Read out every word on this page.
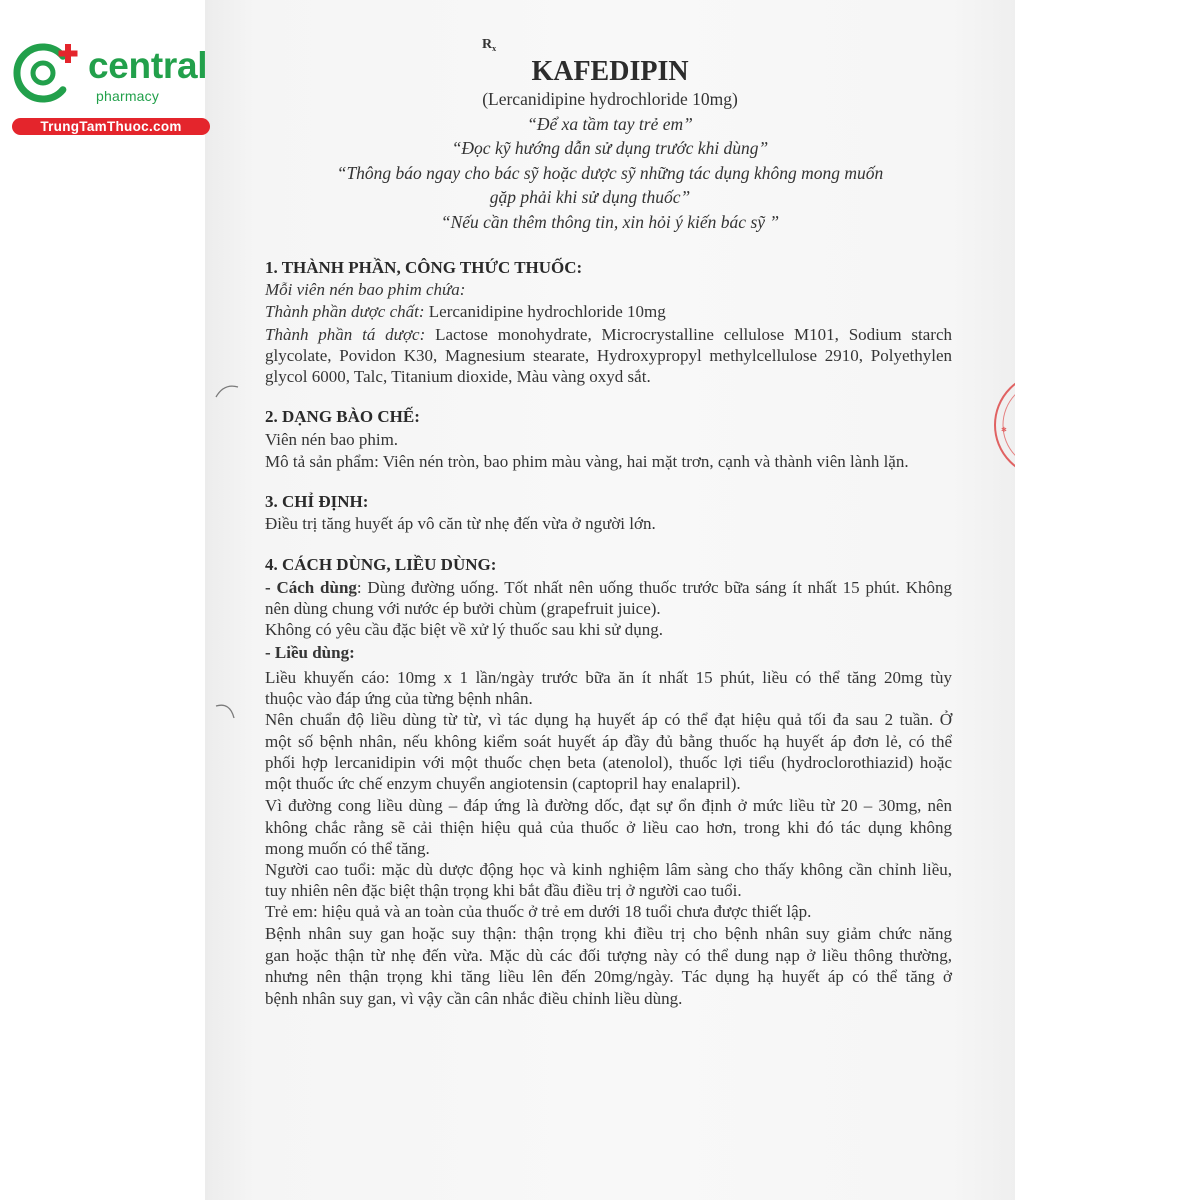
✱
central
pharmacy
TrungTamThuoc.com
$R_x$
KAFEDIPIN
(Lercanidipine hydrochloride 10mg)
“Để xa tầm tay trẻ em”
“Đọc kỹ hướng dẫn sử dụng trước khi dùng”
“Thông báo ngay cho bác sỹ hoặc dược sỹ những tác dụng không mong muốn
gặp phải khi sử dụng thuốc”
“Nếu cần thêm thông tin, xin hỏi ý kiến bác sỹ ”
1. THÀNH PHẦN, CÔNG THỨC THUỐC:
Mỗi viên nén bao phim chứa:
Thành phần dược chất: Lercanidipine hydrochloride 10mg
Thành phần tá dược: Lactose monohydrate, Microcrystalline cellulose M101, Sodium starch
glycolate, Povidon K30, Magnesium stearate, Hydroxypropyl methylcellulose 2910, Polyethylen
glycol 6000, Talc, Titanium dioxide, Màu vàng oxyd sắt.
2. DẠNG BÀO CHẾ:
Viên nén bao phim.
Mô tả sản phẩm: Viên nén tròn, bao phim màu vàng, hai mặt trơn, cạnh và thành viên lành lặn.
3. CHỈ ĐỊNH:
Điều trị tăng huyết áp vô căn từ nhẹ đến vừa ở người lớn.
4. CÁCH DÙNG, LIỀU DÙNG:
- Cách dùng: Dùng đường uống. Tốt nhất nên uống thuốc trước bữa sáng ít nhất 15 phút. Không
nên dùng chung với nước ép bưởi chùm (grapefruit juice).
Không có yêu cầu đặc biệt về xử lý thuốc sau khi sử dụng.
- Liều dùng:
Liều khuyến cáo: 10mg x 1 lần/ngày trước bữa ăn ít nhất 15 phút, liều có thể tăng 20mg tùy
thuộc vào đáp ứng của từng bệnh nhân.
Nên chuẩn độ liều dùng từ từ, vì tác dụng hạ huyết áp có thể đạt hiệu quả tối đa sau 2 tuần. Ở
một số bệnh nhân, nếu không kiểm soát huyết áp đầy đủ bằng thuốc hạ huyết áp đơn lẻ, có thể
phối hợp lercanidipin với một thuốc chẹn beta (atenolol), thuốc lợi tiểu (hydroclorothiazid) hoặc
một thuốc ức chế enzym chuyển angiotensin (captopril hay enalapril).
Vì đường cong liều dùng – đáp ứng là đường dốc, đạt sự ổn định ở mức liều từ 20 – 30mg, nên
không chắc rằng sẽ cải thiện hiệu quả của thuốc ở liều cao hơn, trong khi đó tác dụng không
mong muốn có thể tăng.
Người cao tuổi: mặc dù dược động học và kinh nghiệm lâm sàng cho thấy không cần chỉnh liều,
tuy nhiên nên đặc biệt thận trọng khi bắt đầu điều trị ở người cao tuổi.
Trẻ em: hiệu quả và an toàn của thuốc ở trẻ em dưới 18 tuổi chưa được thiết lập.
Bệnh nhân suy gan hoặc suy thận: thận trọng khi điều trị cho bệnh nhân suy giảm chức năng
gan hoặc thận từ nhẹ đến vừa. Mặc dù các đối tượng này có thể dung nạp ở liều thông thường,
nhưng nên thận trọng khi tăng liều lên đến 20mg/ngày. Tác dụng hạ huyết áp có thể tăng ở
bệnh nhân suy gan, vì vậy cần cân nhắc điều chỉnh liều dùng.
